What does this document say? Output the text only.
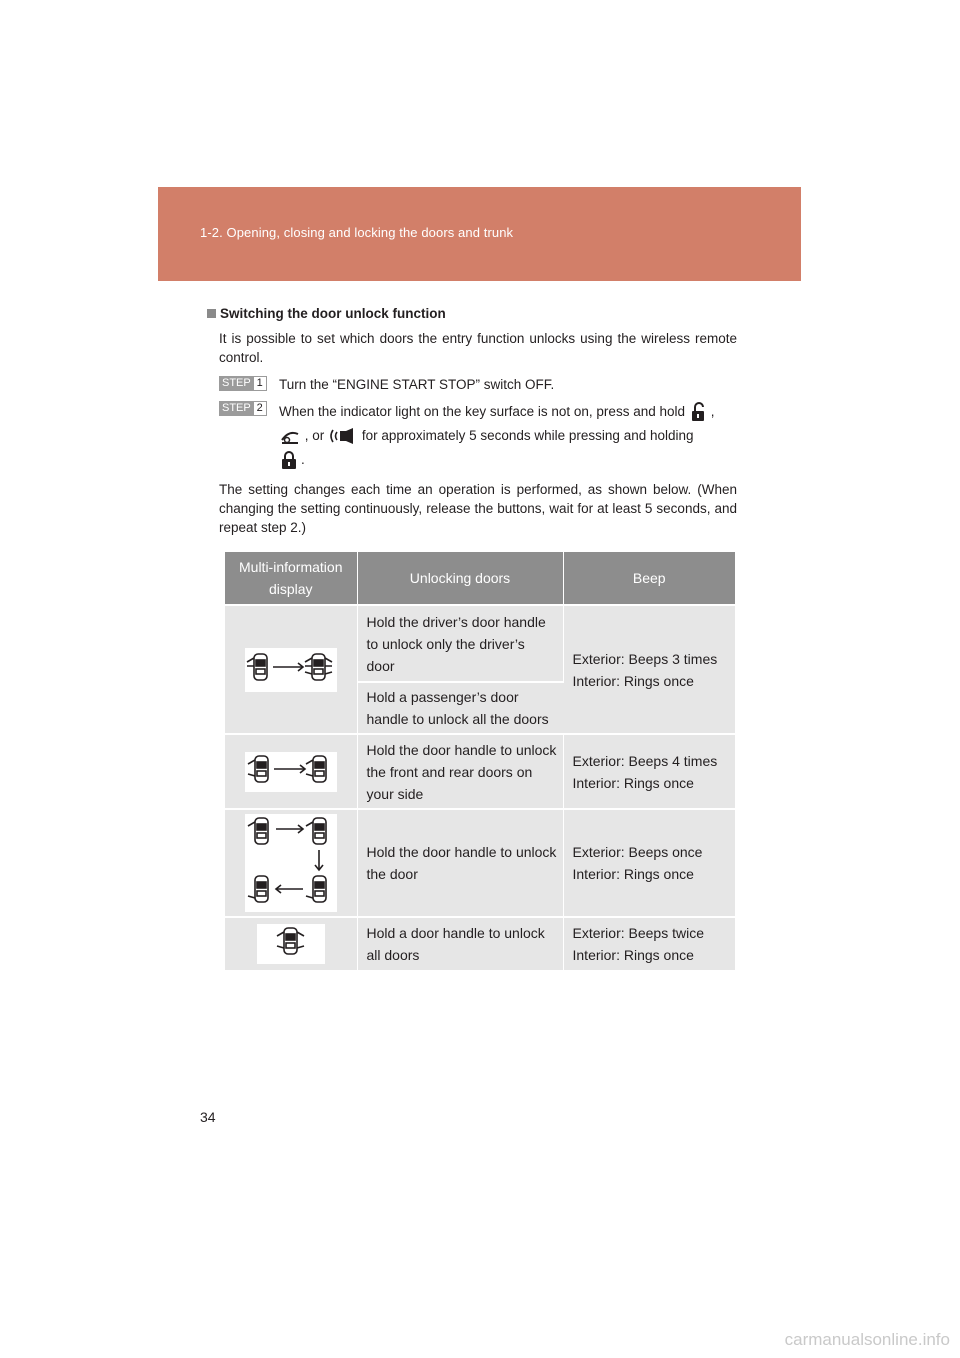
1-2. Opening, closing and locking the doors and trunk
Switching the door unlock function
It is possible to set which doors the entry function unlocks using the wireless remote control.
STEP 1 Turn the “ENGINE START STOP” switch OFF.
STEP 2 When the indicator light on the key surface is not on, press and hold ,
, or	for approximately 5 seconds while pressing and holding
.
The setting changes each time an operation is performed, as shown below. (When changing the setting continuously, release the buttons, wait for at least 5 seconds, and repeat step 2.)
Multi-information display	Unlocking doors	Beep
	Hold the driver’s door handle to unlock only the driver’s door	Exterior: Beeps 3 times
Interior: Rings once

	Hold a passenger’s door handle to unlock all the doors	
	Hold the door handle to unlock the front and rear doors on your side	Exterior: Beeps 4 times
Interior: Rings once

	Hold the door handle to unlock the door	Exterior: Beeps once
Interior: Rings once

	Hold a door handle to unlock all doors	Exterior: Beeps twice
Interior: Rings once
34
carmanualsonline.info
